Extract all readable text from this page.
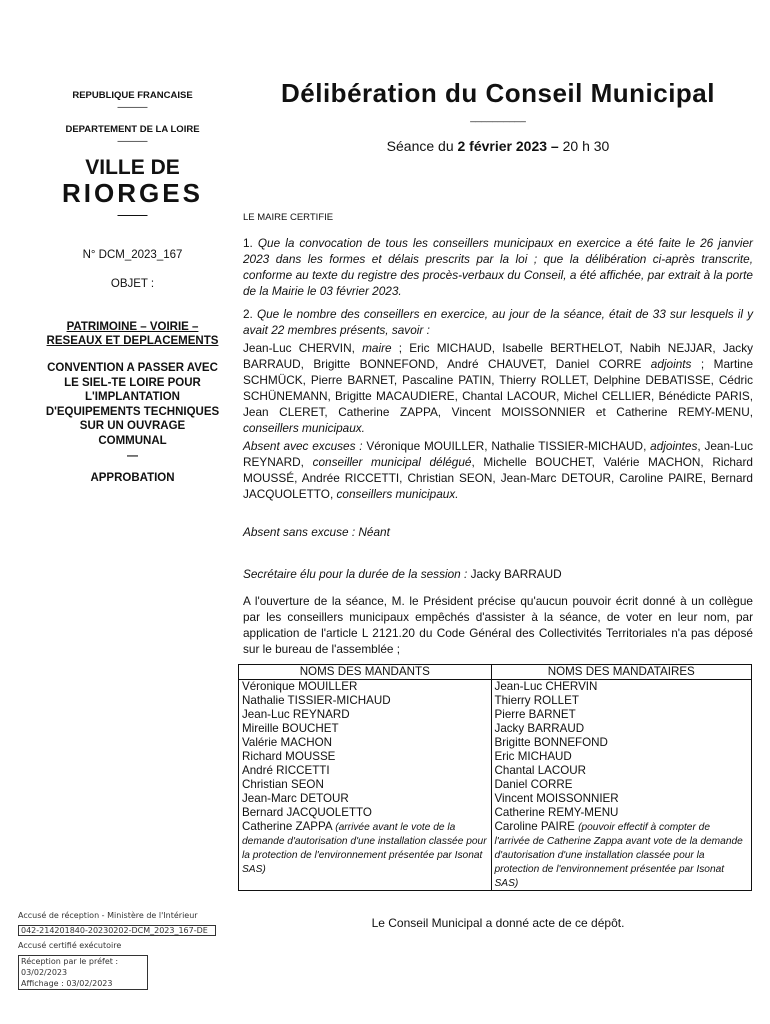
REPUBLIQUE FRANCAISE
———
DEPARTEMENT DE LA LOIRE
———
VILLE DE
RIORGES
———
N° DCM_2023_167
OBJET :
PATRIMOINE – VOIRIE –
RESEAUX ET DEPLACEMENTS
CONVENTION A PASSER AVEC
LE SIEL-TE LOIRE POUR
L'IMPLANTATION
D'EQUIPEMENTS TECHNIQUES
SUR UN OUVRAGE
COMMUNAL
—
APPROBATION
Délibération du Conseil Municipal
__________
Séance du 2 février 2023 – 20 h 30
LE MAIRE CERTIFIE
1. Que la convocation de tous les conseillers municipaux en exercice a été faite le 26 janvier 2023 dans les formes et délais prescrits par la loi ; que la délibération ci-après transcrite, conforme au texte du registre des procès-verbaux du Conseil, a été affichée, par extrait à la porte de la Mairie le 03 février 2023.
2. Que le nombre des conseillers en exercice, au jour de la séance, était de 33 sur lesquels il y avait 22 membres présents, savoir :
Jean-Luc CHERVIN, maire ; Eric MICHAUD, Isabelle BERTHELOT, Nabih NEJJAR, Jacky BARRAUD, Brigitte BONNEFOND, André CHAUVET, Daniel CORRE adjoints ; Martine SCHMÜCK, Pierre BARNET, Pascaline PATIN, Thierry ROLLET, Delphine DEBATISSE, Cédric SCHÜNEMANN, Brigitte MACAUDIERE, Chantal LACOUR, Michel CELLIER, Bénédicte PARIS, Jean CLERET, Catherine ZAPPA, Vincent MOISSONNIER et Catherine REMY-MENU, conseillers municipaux.
Absent avec excuses : Véronique MOUILLER, Nathalie TISSIER-MICHAUD, adjointes, Jean-Luc REYNARD, conseiller municipal délégué, Michelle BOUCHET, Valérie MACHON, Richard MOUSSÉ, Andrée RICCETTI, Christian SEON, Jean-Marc DETOUR, Caroline PAIRE, Bernard JACQUOLETTO, conseillers municipaux.
Absent sans excuse : Néant
Secrétaire élu pour la durée de la session : Jacky BARRAUD
A l'ouverture de la séance, M. le Président précise qu'aucun pouvoir écrit donné à un collègue par les conseillers municipaux empêchés d'assister à la séance, de voter en leur nom, par application de l'article L 2121.20 du Code Général des Collectivités Territoriales n'a pas déposé sur le bureau de l'assemblée ;
NOMS DES MANDANTS	NOMS DES MANDATAIRES
Véronique MOUILLER	Jean-Luc CHERVIN
Nathalie TISSIER-MICHAUD	Thierry ROLLET
Jean-Luc REYNARD	Pierre BARNET
Mireille BOUCHET	Jacky BARRAUD
Valérie MACHON	Brigitte BONNEFOND
Richard MOUSSE	Eric MICHAUD
André RICCETTI	Chantal LACOUR
Christian SEON	Daniel CORRE
Jean-Marc DETOUR	Vincent MOISSONNIER
Bernard JACQUOLETTO	Catherine REMY-MENU
Catherine ZAPPA (arrivée avant le vote de la demande d'autorisation d'une installation classée pour la protection de l'environnement présentée par Isonat SAS)	Caroline PAIRE (pouvoir effectif à compter de l'arrivée de Catherine Zappa avant vote de la demande d'autorisation d'une installation classée pour la protection de l'environnement présentée par Isonat SAS)
Le Conseil Municipal a donné acte de ce dépôt.
Accusé de réception - Ministère de l'Intérieur
042-214201840-20230202-DCM_2023_167-DE
Accusé certifié exécutoire
Réception par le préfet : 03/02/2023
Affichage : 03/02/2023
